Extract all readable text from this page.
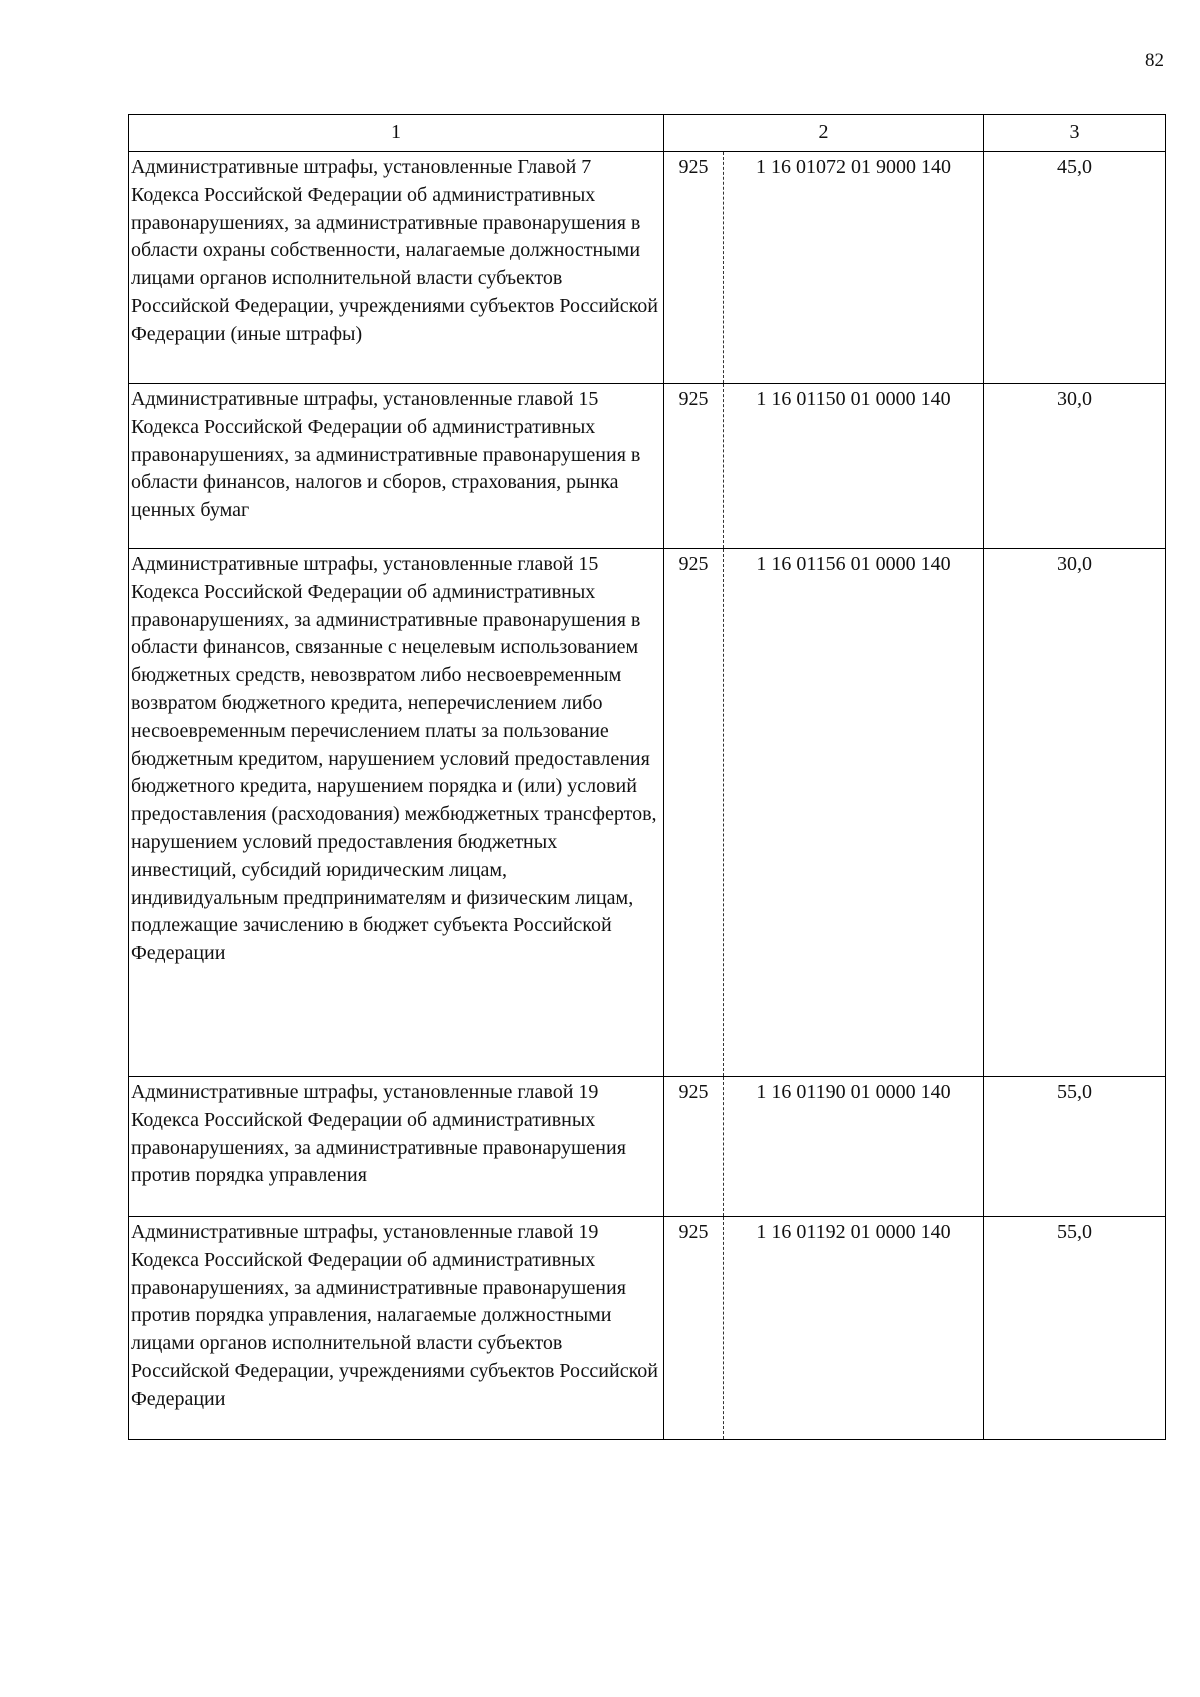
82
1	2		3
Административные штрафы, установленные Главой 7 Кодекса Российской Федерации об административных правонарушениях, за административные правонарушения в области охраны собственности, налагаемые должностными лицами органов исполнительной власти субъектов Российской Федерации, учреждениями субъектов Российской Федерации (иные штрафы)	925	1 16 01072 01 9000 140	45,0
Административные штрафы, установленные главой 15 Кодекса Российской Федерации об административных правонарушениях, за административные правонарушения в области финансов, налогов и сборов, страхования, рынка ценных бумаг	925	1 16 01150 01 0000 140	30,0
Административные штрафы, установленные главой 15 Кодекса Российской Федерации об административных правонарушениях, за административные правонарушения в области финансов, связанные с нецелевым использованием бюджетных средств, невозвратом либо несвоевременным возвратом бюджетного кредита, неперечислением либо несвоевременным перечислением платы за пользование бюджетным кредитом, нарушением условий предоставления бюджетного кредита, нарушением порядка и (или) условий предоставления (расходования) межбюджетных трансфертов, нарушением условий предоставления бюджетных инвестиций, субсидий юридическим лицам, индивидуальным предпринимателям и физическим лицам, подлежащие зачислению в бюджет субъекта Российской Федерации	925	1 16 01156 01 0000 140	30,0
Административные штрафы, установленные главой 19 Кодекса Российской Федерации об административных правонарушениях, за административные правонарушения против порядка управления	925	1 16 01190 01 0000 140	55,0
Административные штрафы, установленные главой 19 Кодекса Российской Федерации об административных правонарушениях, за административные правонарушения против порядка управления, налагаемые должностными лицами органов исполнительной власти субъектов Российской Федерации, учреждениями субъектов Российской Федерации	925	1 16 01192 01 0000 140	55,0
